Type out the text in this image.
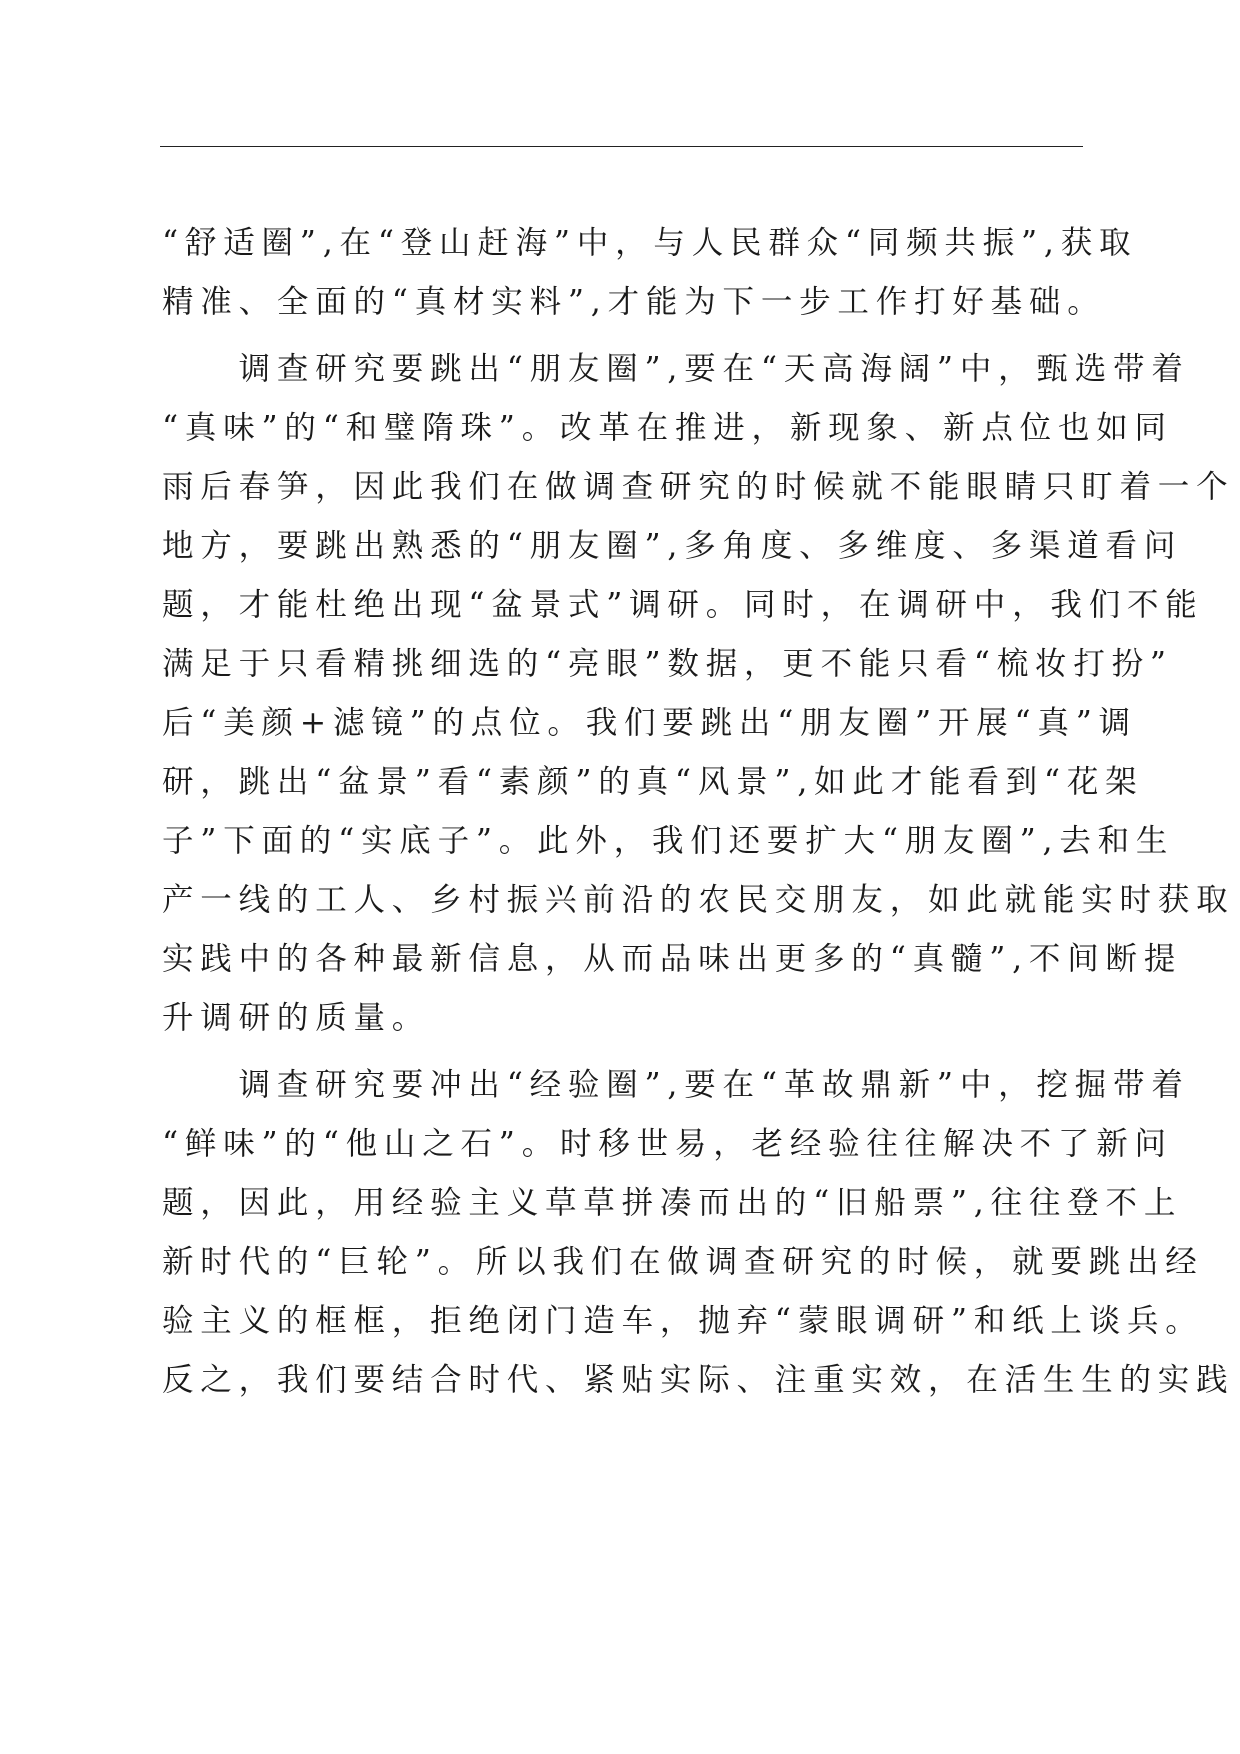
“舒适圈”,在“登山赶海”中，与人民群众“同频共振”,获取
精准、全面的“真材实料”,才能为下一步工作打好基础。
　　调查研究要跳出“朋友圈”,要在“天高海阔”中，甄选带着
“真味”的“和璧隋珠”。改革在推进，新现象、新点位也如同
雨后春笋，因此我们在做调查研究的时候就不能眼睛只盯着一个
地方，要跳出熟悉的“朋友圈”,多角度、多维度、多渠道看问
题，才能杜绝出现“盆景式”调研。同时，在调研中，我们不能
满足于只看精挑细选的“亮眼”数据，更不能只看“梳妆打扮”
后“美颜+滤镜”的点位。我们要跳出“朋友圈”开展“真”调
研，跳出“盆景”看“素颜”的真“风景”,如此才能看到“花架
子”下面的“实底子”。此外，我们还要扩大“朋友圈”,去和生
产一线的工人、乡村振兴前沿的农民交朋友，如此就能实时获取
实践中的各种最新信息，从而品味出更多的“真髓”,不间断提
升调研的质量。
　　调查研究要冲出“经验圈”,要在“革故鼎新”中，挖掘带着
“鲜味”的“他山之石”。时移世易，老经验往往解决不了新问
题，因此，用经验主义草草拼凑而出的“旧船票”,往往登不上
新时代的“巨轮”。所以我们在做调查研究的时候，就要跳出经
验主义的框框，拒绝闭门造车，抛弃“蒙眼调研”和纸上谈兵。
反之，我们要结合时代、紧贴实际、注重实效，在活生生的实践
